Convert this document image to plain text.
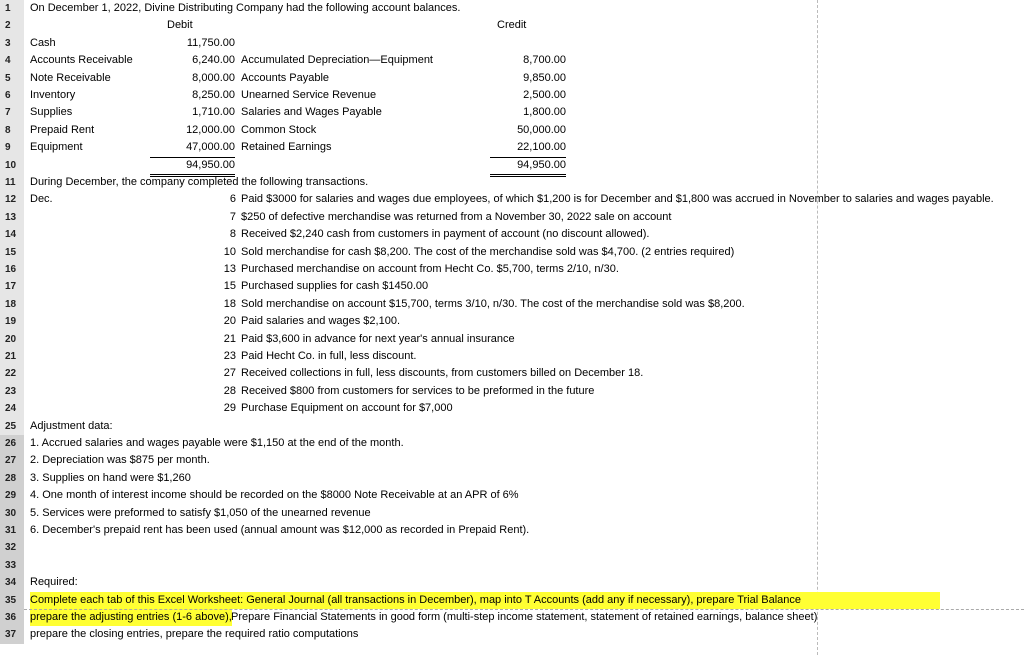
1	On December 1, 2022, Divine Distributing Company had the following account balances.
2	Debit	Credit
3	Cash	11,750.00
4	Accounts Receivable	6,240.00 Accumulated Depreciation—Equipment	8,700.00
5	Note Receivable	8,000.00 Accounts Payable	9,850.00
6	Inventory	8,250.00 Unearned Service Revenue	2,500.00
7	Supplies	1,710.00 Salaries and Wages Payable	1,800.00
8	Prepaid Rent	12,000.00 Common Stock	50,000.00
9	Equipment	47,000.00 Retained Earnings	22,100.00
10	94,950.00	94,950.00
11	During December, the company completed the following transactions.
12	Dec.	6 Paid $3000 for salaries and wages due employees, of which $1,200 is for December and $1,800 was accrued in November to salaries and wages payable.
13	7 $250 of defective merchandise was returned from a November 30, 2022 sale on account
14	8 Received $2,240 cash from customers in payment of account (no discount allowed).
15	10 Sold merchandise for cash $8,200. The cost of the merchandise sold was $4,700. (2 entries required)
16	13 Purchased merchandise on account from Hecht Co. $5,700, terms 2/10, n/30.
17	15 Purchased supplies for cash $1450.00
18	18 Sold merchandise on account $15,700, terms 3/10, n/30. The cost of the merchandise sold was $8,200.
19	20 Paid salaries and wages $2,100.
20	21 Paid $3,600 in advance for next year's annual insurance
21	23 Paid Hecht Co. in full, less discount.
22	27 Received collections in full, less discounts, from customers billed on December 18.
23	28 Received $800 from customers for services to be preformed in the future
24	29 Purchase Equipment on account for $7,000
25	Adjustment data:
26	1. Accrued salaries and wages payable were $1,150 at the end of the month.
27	2. Depreciation was $875 per month.
28	3. Supplies on hand were $1,260
29	4. One month of interest income should be recorded on the $8000 Note Receivable at an APR of 6%
30	5. Services were preformed to satisfy $1,050 of the unearned revenue
31	6. December's prepaid rent has been used (annual amount was $12,000 as recorded in Prepaid Rent).
32
33
34	Required:
35	Complete each tab of this Excel Worksheet: General Journal (all transactions in December), map into T Accounts (add any if necessary), prepare Trial Balance
36	prepare the adjusting entries (1-6 above), Prepare Financial Statements in good form (multi-step income statement, statement of retained earnings, balance sheet)
37	prepare the closing entries, prepare the required ratio computations
